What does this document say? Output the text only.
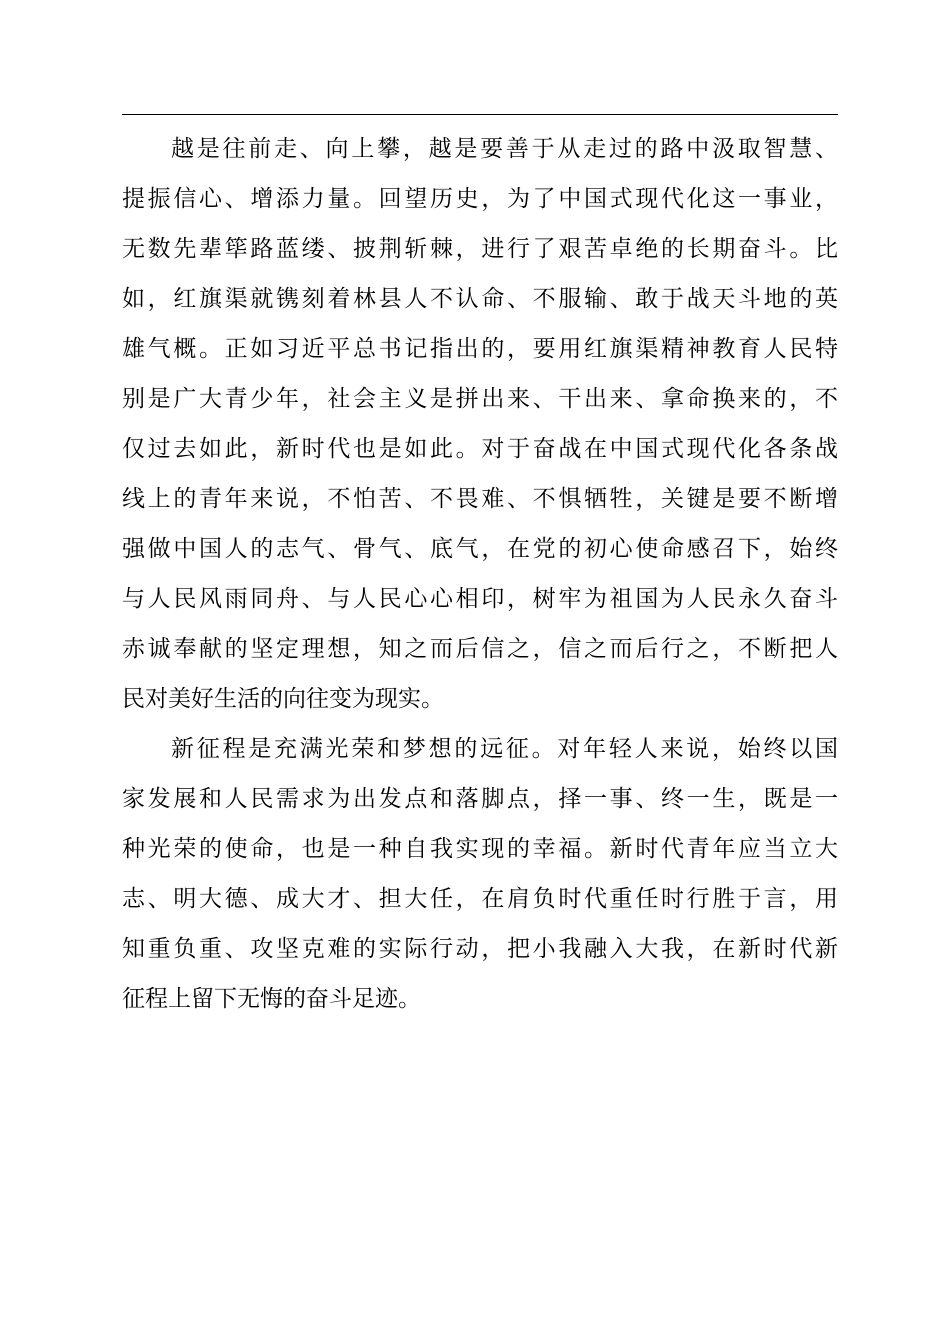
越是往前走、向上攀，越是要善于从走过的路中汲取智慧、
提振信心、增添力量。回望历史，为了中国式现代化这一事业，
无数先辈筚路蓝缕、披荆斩棘，进行了艰苦卓绝的长期奋斗。比
如，红旗渠就镌刻着林县人不认命、不服输、敢于战天斗地的英
雄气概。正如习近平总书记指出的，要用红旗渠精神教育人民特
别是广大青少年，社会主义是拼出来、干出来、拿命换来的，不
仅过去如此，新时代也是如此。对于奋战在中国式现代化各条战
线上的青年来说，不怕苦、不畏难、不惧牺牲，关键是要不断增
强做中国人的志气、骨气、底气，在党的初心使命感召下，始终
与人民风雨同舟、与人民心心相印，树牢为祖国为人民永久奋斗
赤诚奉献的坚定理想，知之而后信之，信之而后行之，不断把人
民对美好生活的向往变为现实。
新征程是充满光荣和梦想的远征。对年轻人来说，始终以国
家发展和人民需求为出发点和落脚点，择一事、终一生，既是一
种光荣的使命，也是一种自我实现的幸福。新时代青年应当立大
志、明大德、成大才、担大任，在肩负时代重任时行胜于言，用
知重负重、攻坚克难的实际行动，把小我融入大我，在新时代新
征程上留下无悔的奋斗足迹。
